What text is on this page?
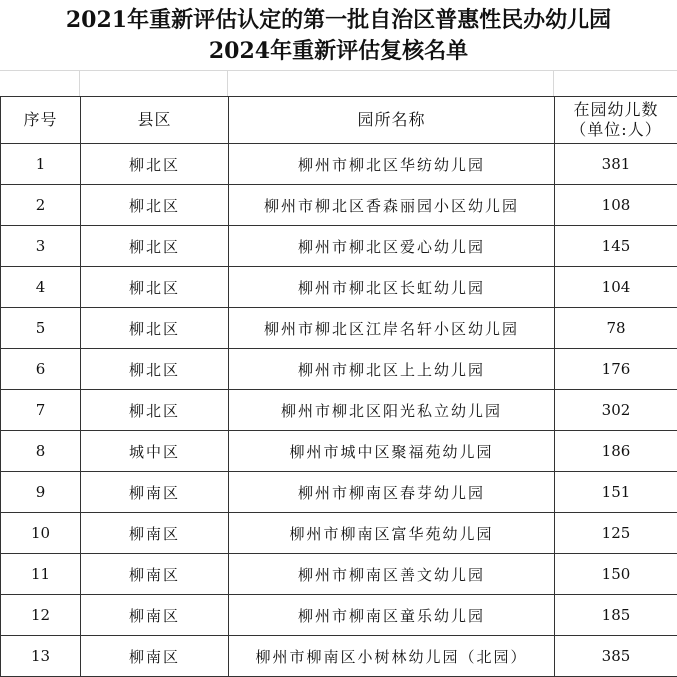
2021年重新评估认定的第一批自治区普惠性民办幼儿园
2024年重新评估复核名单
序号	县区	园所名称	在园幼儿数
（单位:人）

1	柳北区	柳州市柳北区华纺幼儿园	381
2	柳北区	柳州市柳北区香森丽园小区幼儿园	108
3	柳北区	柳州市柳北区爱心幼儿园	145
4	柳北区	柳州市柳北区长虹幼儿园	104
5	柳北区	柳州市柳北区江岸名轩小区幼儿园	78
6	柳北区	柳州市柳北区上上幼儿园	176
7	柳北区	柳州市柳北区阳光私立幼儿园	302
8	城中区	柳州市城中区聚福苑幼儿园	186
9	柳南区	柳州市柳南区春芽幼儿园	151
10	柳南区	柳州市柳南区富华苑幼儿园	125
11	柳南区	柳州市柳南区善文幼儿园	150
12	柳南区	柳州市柳南区童乐幼儿园	185
13	柳南区	柳州市柳南区小树林幼儿园（北园）	385
